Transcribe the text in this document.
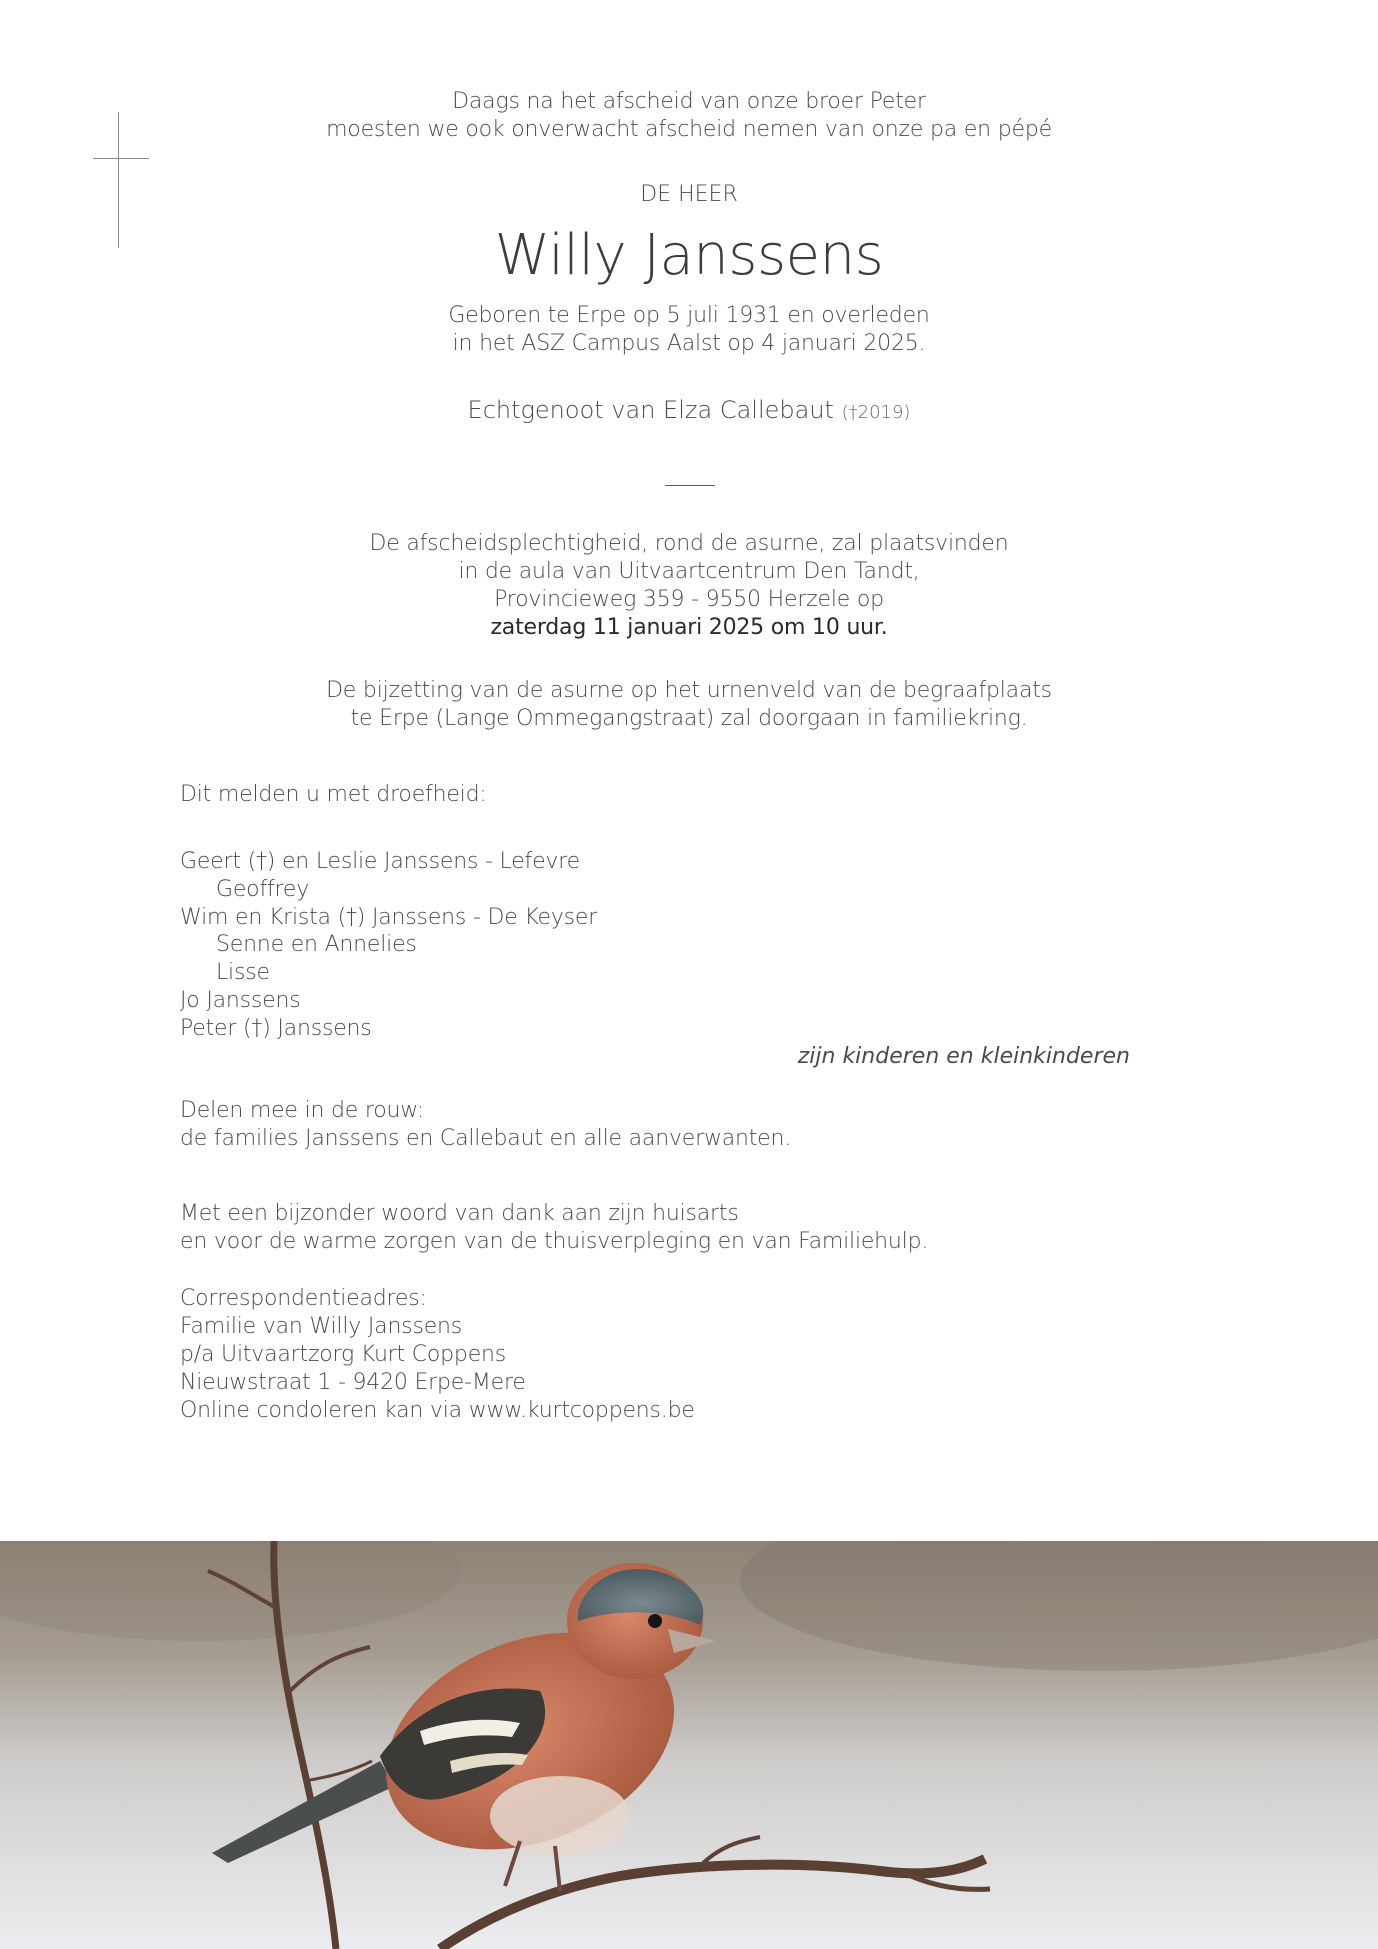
Daags na het afscheid van onze broer Peter
moesten we ook onverwacht afscheid nemen van onze pa en pépé
DE HEER
Willy Janssens
Geboren te Erpe op 5 juli 1931 en overleden
in het ASZ Campus Aalst op 4 januari 2025.
Echtgenoot van Elza Callebaut (†2019)
De afscheidsplechtigheid, rond de asurne, zal plaatsvinden
in de aula van Uitvaartcentrum Den Tandt,
Provincieweg 359 - 9550 Herzele op
zaterdag 11 januari 2025 om 10 uur.
De bijzetting van de asurne op het urnenveld van de begraafplaats
te Erpe (Lange Ommegangstraat) zal doorgaan in familiekring.
Dit melden u met droefheid:
Geert (†) en Leslie Janssens - Lefevre
Geoffrey
Wim en Krista (†) Janssens - De Keyser
Senne en Annelies
Lisse
Jo Janssens
Peter (†) Janssens
zijn kinderen en kleinkinderen
Delen mee in de rouw:
de families Janssens en Callebaut en alle aanverwanten.
Met een bijzonder woord van dank aan zijn huisarts
en voor de warme zorgen van de thuisverpleging en van Familiehulp.
Correspondentieadres:
Familie van Willy Janssens
p/a Uitvaartzorg Kurt Coppens
Nieuwstraat 1 - 9420 Erpe-Mere
Online condoleren kan via www.kurtcoppens.be
